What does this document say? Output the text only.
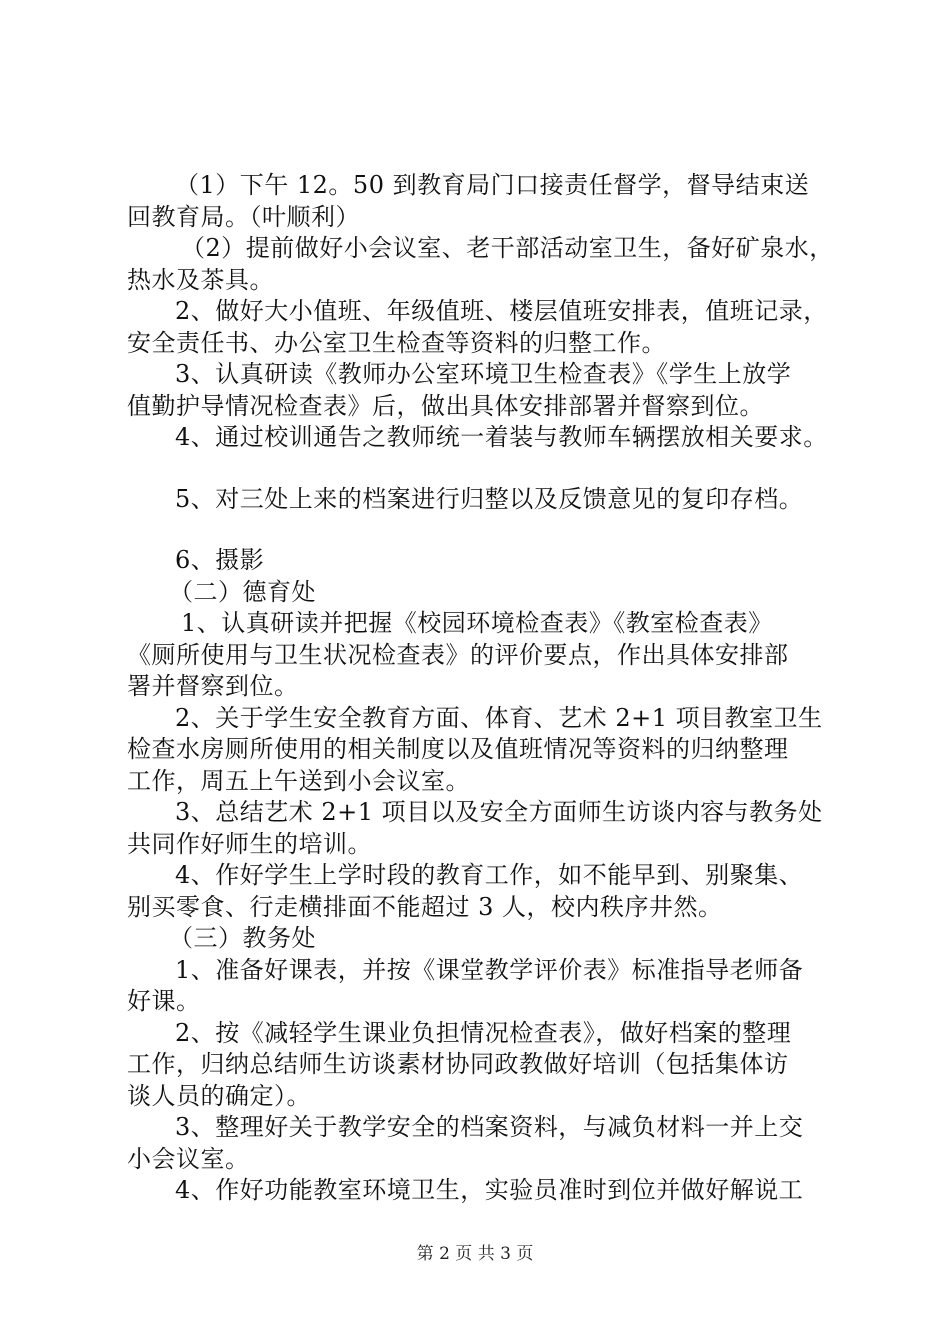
（1）下午 12。50 到教育局门口接责任督学，督导结束送
回教育局。（叶顺利）
（2）提前做好小会议室、老干部活动室卫生，备好矿泉水，
热水及茶具。
2、做好大小值班、年级值班、楼层值班安排表，值班记录，
安全责任书、办公室卫生检查等资料的归整工作。
3、认真研读《教师办公室环境卫生检查表》《学生上放学
值勤护导情况检查表》后，做出具体安排部署并督察到位。
4、通过校训通告之教师统一着装与教师车辆摆放相关要求。
5、对三处上来的档案进行归整以及反馈意见的复印存档。
6、摄影
（二）德育处
1、认真研读并把握《校园环境检查表》《教室检查表》
《厕所使用与卫生状况检查表》的评价要点，作出具体安排部
署并督察到位。
2、关于学生安全教育方面、体育、艺术 2+1 项目教室卫生
检查水房厕所使用的相关制度以及值班情况等资料的归纳整理
工作，周五上午送到小会议室。
3、总结艺术 2+1 项目以及安全方面师生访谈内容与教务处
共同作好师生的培训。
4、作好学生上学时段的教育工作，如不能早到、别聚集、
别买零食、行走横排面不能超过 3 人，校内秩序井然。
（三）教务处
1、准备好课表，并按《课堂教学评价表》标准指导老师备
好课。
2、按《减轻学生课业负担情况检查表》，做好档案的整理
工作，归纳总结师生访谈素材协同政教做好培训（包括集体访
谈人员的确定）。
3、整理好关于教学安全的档案资料，与减负材料一并上交
小会议室。
4、作好功能教室环境卫生，实验员准时到位并做好解说工
第 2 页 共 3 页
